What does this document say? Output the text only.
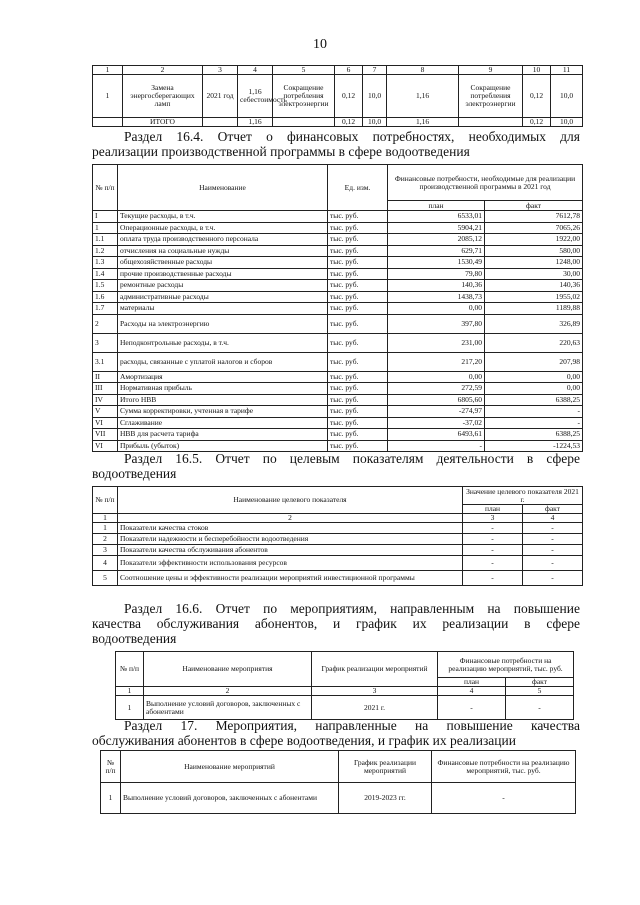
10
1	2	3	4	5	6	7	8	9	10	11
1	Замена энергосберегающих ламп	2021 год	1,16 себестоимость	Сокращение потребления электроэнергии	0,12	10,0	1,16	Сокращение потребления электроэнергии	0,12	10,0
	ИТОГО		1,16		0,12	10,0	1,16		0,12	10,0
Раздел 16.4. Отчет о финансовых потребностях, необходимых для
реализации производственной программы в сфере водоотведения
№ п/п	Наименование	Ед. изм.	Финансовые потребности, необходимые для реализации производственной программы в 2021 год	
			план	факт
I	Текущие расходы, в т.ч.	тыс. руб.	6533,01	7612,78
1	Операционные расходы, в т.ч.	тыс. руб.	5904,21	7065,26
1.1	оплата труда производственного персонала	тыс. руб.	2085,12	1922,00
1.2	отчисления на социальные нужды	тыс. руб.	629,71	580,00
1.3	общехозяйственные расходы	тыс. руб.	1530,49	1248,00
1.4	прочие производственные расходы	тыс. руб.	79,80	30,00
1.5	ремонтные расходы	тыс. руб.	140,36	140,36
1.6	административные расходы	тыс. руб.	1438,73	1955,02
1.7	материалы	тыс. руб.	0,00	1189,88
2	Расходы на электроэнергию	тыс. руб.	397,80	326,89
3	Неподконтрольные расходы, в т.ч.	тыс. руб.	231,00	220,63
3.1	расходы, связанные с уплатой налогов и сборов	тыс. руб.	217,20	207,98
II	Амортизация	тыс. руб.	0,00	0,00
III	Нормативная прибыль	тыс. руб.	272,59	0,00
IV	Итого НВВ	тыс. руб.	6805,60	6388,25
V	Сумма корректировки, учтенная в тарифе	тыс. руб.	-274,97	-
VI	Сглаживание	тыс. руб.	-37,02	-
VII	НВВ для расчета тарифа	тыс. руб.	6493,61	6388,25
VI	Прибыль (убыток)	тыс. руб.	-	-1224,53
Раздел 16.5. Отчет по целевым показателям деятельности в сфере
водоотведения
№ п/п	Наименование целевого показателя	Значение целевого показателя 2021 г.	
		план	факт
1	2	3	4
1	Показатели качества стоков	-	-
2	Показатели надежности и бесперебойности водоотведения	-	-
3	Показатели качества обслуживания абонентов	-	-
4	Показатели эффективности использования ресурсов	-	-
5	Соотношение цены и эффективности реализации мероприятий инвестиционной программы	-	-
Раздел 16.6. Отчет по мероприятиям, направленным на повышение
качества обслуживания абонентов, и график их реализации в сфере
водоотведения
№ п/п	Наименование мероприятия	График реализации мероприятий	Финансовые потребности на реализацию мероприятий, тыс. руб.	
			план	факт
1	2	3	4	5
1	Выполнение условий договоров, заключенных с абонентами	2021 г.	-	-
Раздел 17. Мероприятия, направленные на повышение качества
обслуживания абонентов в сфере водоотведения, и график их реализации
№ п/п	Наименование мероприятий	График реализации мероприятий	Финансовые потребности на реализацию мероприятий, тыс. руб.
1	Выполнение условий договоров, заключенных с абонентами	2019-2023 гг.	-
